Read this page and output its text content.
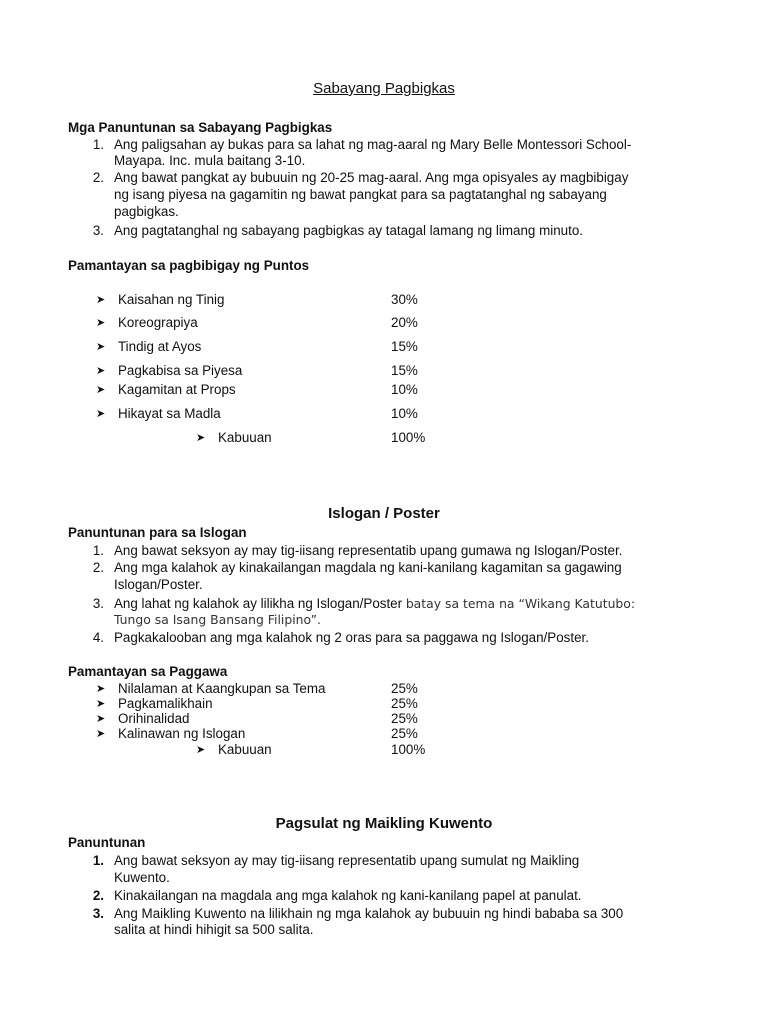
Sabayang Pagbigkas
Mga Panuntunan sa Sabayang Pagbigkas
1. Ang paligsahan ay bukas para sa lahat ng mag-aaral ng Mary Belle Montessori School-
Mayapa. Inc. mula baitang 3-10.
2. Ang bawat pangkat ay bubuuin ng 20-25 mag-aaral. Ang mga opisyales ay magbibigay
ng isang piyesa na gagamitin ng bawat pangkat para sa pagtatanghal ng sabayang
pagbigkas.
3. Ang pagtatanghal ng sabayang pagbigkas ay tatagal lamang ng limang minuto.
Pamantayan sa pagbibigay ng Puntos
➤ Kaisahan ng Tinig	30%
➤ Koreograpiya	20%
➤ Tindig at Ayos	15%
➤ Pagkabisa sa Piyesa	15%
➤ Kagamitan at Props	10%
➤ Hikayat sa Madla	10%
➤ Kabuuan	100%
Islogan / Poster
Panuntunan para sa Islogan
1. Ang bawat seksyon ay may tig-iisang representatib upang gumawa ng Islogan/Poster.
2. Ang mga kalahok ay kinakailangan magdala ng kani-kanilang kagamitan sa gagawing
Islogan/Poster.
3. Ang lahat ng kalahok ay lilikha ng Islogan/Poster batay sa tema na “Wikang Katutubo:
Tungo sa Isang Bansang Filipino”.
4. Pagkakalooban ang mga kalahok ng 2 oras para sa paggawa ng Islogan/Poster.
Pamantayan sa Paggawa
➤ Nilalaman at Kaangkupan sa Tema	25%
➤ Pagkamalikhain	25%
➤ Orihinalidad	25%
➤ Kalinawan ng Islogan	25%
➤ Kabuuan	100%
Pagsulat ng Maikling Kuwento
Panuntunan
1. Ang bawat seksyon ay may tig-iisang representatib upang sumulat ng Maikling
Kuwento.
2. Kinakailangan na magdala ang mga kalahok ng kani-kanilang papel at panulat.
3. Ang Maikling Kuwento na lilikhain ng mga kalahok ay bubuuin ng hindi bababa sa 300
salita at hindi hihigit sa 500 salita.
